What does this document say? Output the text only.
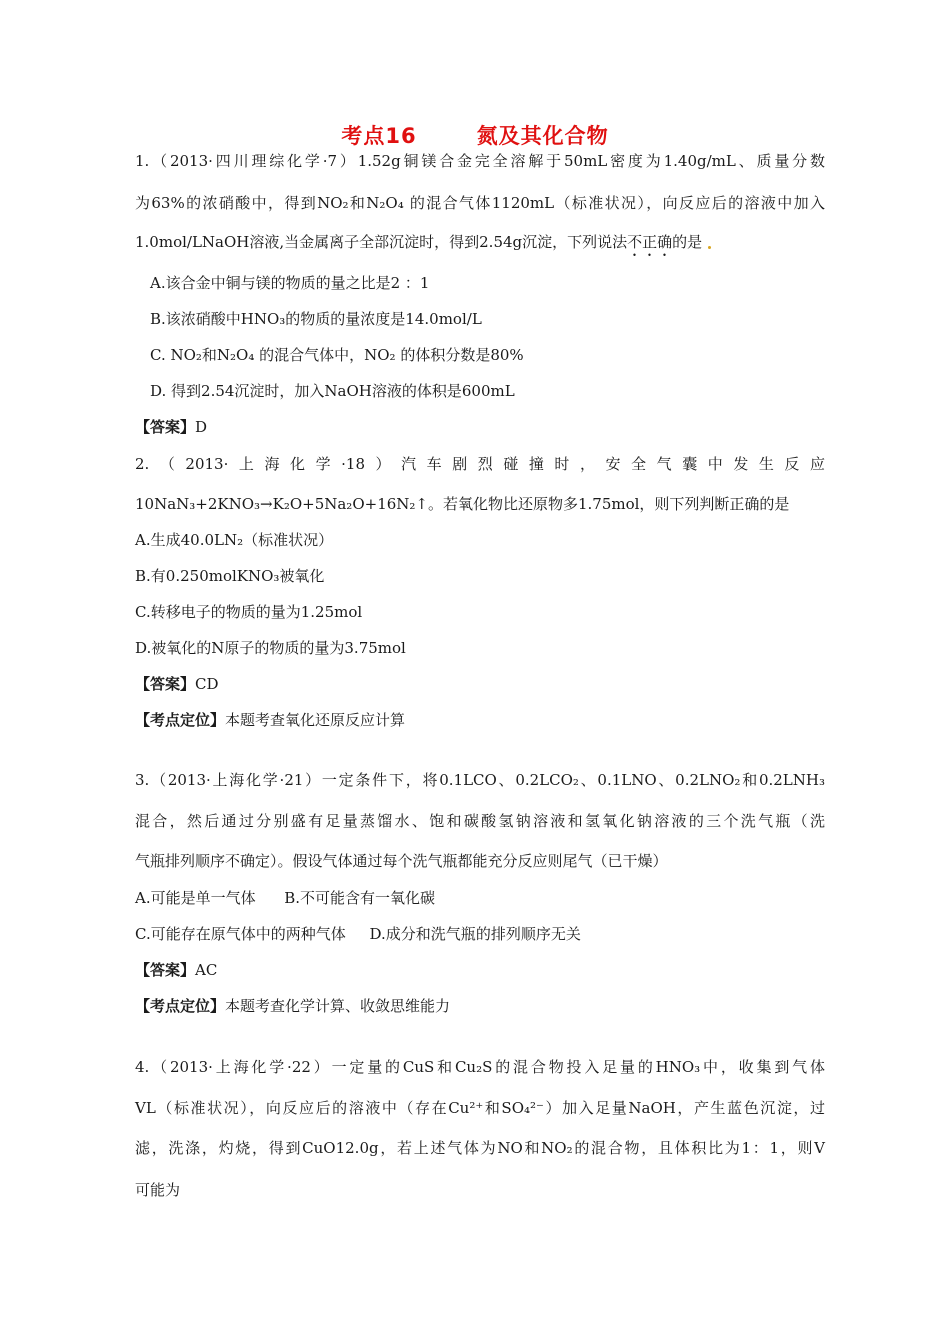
考点16	氮及其化合物
1.（2013·四川理综化学·7）1.52g铜镁合金完全溶解于50mL密度为1.40g/mL、质量分数
为63%的浓硝酸中，得到NO₂和N₂O₄ 的混合气体1120mL（标准状况），向反应后的溶液中加入
1.0mol/LNaOH溶液,当金属离子全部沉淀时，得到2.54g沉淀，下列说法不正确的是
A.该合金中铜与镁的物质的量之比是2 ：1
B.该浓硝酸中HNO₃的物质的量浓度是14.0mol/L
C. NO₂和N₂O₄ 的混合气体中，NO₂ 的体积分数是80%
D. 得到2.54沉淀时，加入NaOH溶液的体积是600mL
【答案】D
2.（2013·上海化学·18）汽车剧烈碰撞时，安全气囊中发生反应
10NaN₃+2KNO₃→K₂O+5Na₂O+16N₂↑。若氧化物比还原物多1.75mol，则下列判断正确的是
A.生成40.0LN₂（标准状况）
B.有0.250molKNO₃被氧化
C.转移电子的物质的量为1.25mol
D.被氧化的N原子的物质的量为3.75mol
【答案】CD
【考点定位】本题考查氧化还原反应计算
3.（2013·上海化学·21）一定条件下，将0.1LCO、0.2LCO₂、0.1LNO、0.2LNO₂和0.2LNH₃
混合，然后通过分别盛有足量蒸馏水、饱和碳酸氢钠溶液和氢氧化钠溶液的三个洗气瓶（洗
气瓶排列顺序不确定）。假设气体通过每个洗气瓶都能充分反应则尾气（已干燥）
A.可能是单一气体      B.不可能含有一氧化碳
C.可能存在原气体中的两种气体     D.成分和洗气瓶的排列顺序无关
【答案】AC
【考点定位】本题考查化学计算、收敛思维能力
4.（2013·上海化学·22）一定量的CuS和Cu₂S的混合物投入足量的HNO₃中，收集到气体
VL（标准状况），向反应后的溶液中（存在Cu²⁺和SO₄²⁻）加入足量NaOH，产生蓝色沉淀，过
滤，洗涤，灼烧，得到CuO12.0g，若上述气体为NO和NO₂的混合物，且体积比为1：1，则V
可能为
